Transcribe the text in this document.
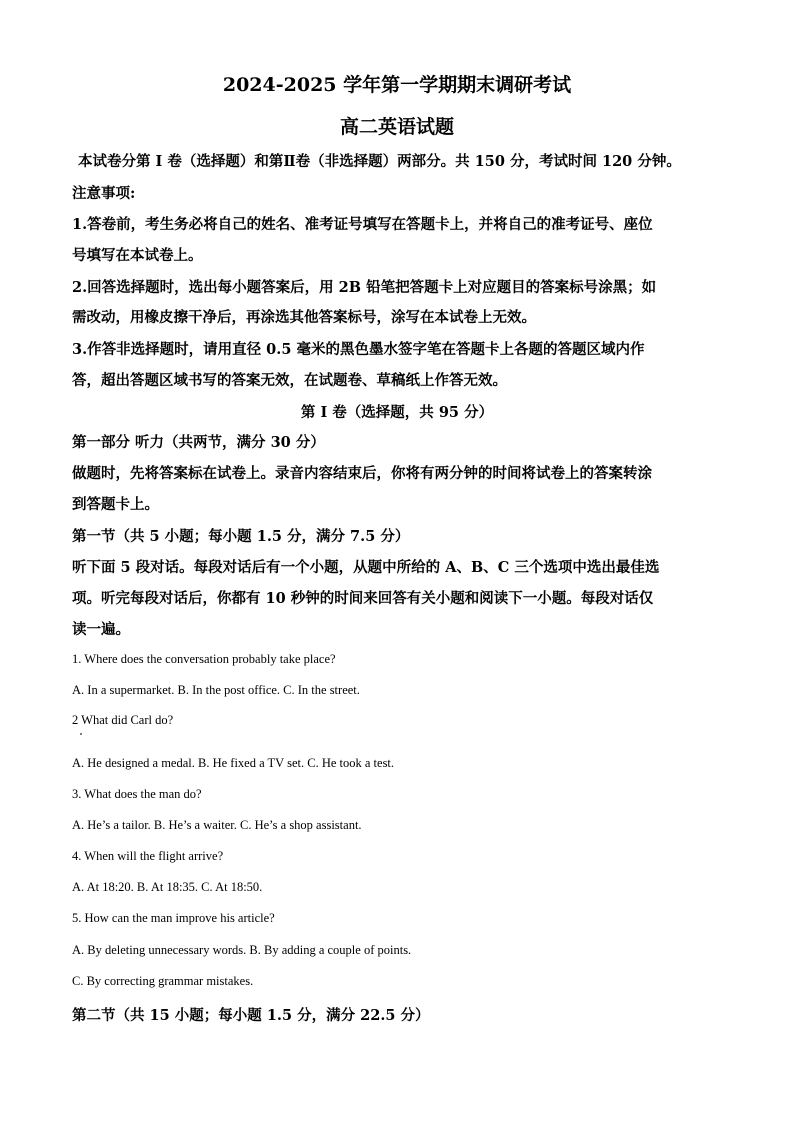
2024-2025 学年第一学期期末调研考试
高二英语试题
本试卷分第 I 卷（选择题）和第Ⅱ卷（非选择题）两部分。共 150 分，考试时间 120 分钟。
注意事项:
1.答卷前，考生务必将自己的姓名、准考证号填写在答题卡上，并将自己的准考证号、座位
号填写在本试卷上。
2.回答选择题时，选出每小题答案后，用 2B 铅笔把答题卡上对应题目的答案标号涂黑；如
需改动，用橡皮擦干净后，再涂选其他答案标号，涂写在本试卷上无效。
3.作答非选择题时，请用直径 0.5 毫米的黑色墨水签字笔在答题卡上各题的答题区域内作
答，超出答题区域书写的答案无效，在试题卷、草稿纸上作答无效。
第 I 卷（选择题，共 95 分）
第一部分 听力（共两节，满分 30 分）
做题时，先将答案标在试卷上。录音内容结束后，你将有两分钟的时间将试卷上的答案转涂
到答题卡上。
第一节（共 5 小题；每小题 1.5 分，满分 7.5 分）
听下面 5 段对话。每段对话后有一个小题，从题中所给的 A、B、C 三个选项中选出最佳选
项。听完每段对话后，你都有 10 秒钟的时间来回答有关小题和阅读下一小题。每段对话仅
读一遍。
1. Where does the conversation probably take place?
A. In a supermarket. B. In the post office. C. In the street.
2 What did Carl do?
A. He designed a medal. B. He fixed a TV set. C. He took a test.
3. What does the man do?
A. He’s a tailor. B. He’s a waiter. C. He’s a shop assistant.
4. When will the flight arrive?
A. At 18:20. B. At 18:35. C. At 18:50.
5. How can the man improve his article?
A. By deleting unnecessary words. B. By adding a couple of points.
C. By correcting grammar mistakes.
第二节（共 15 小题；每小题 1.5 分，满分 22.5 分）
